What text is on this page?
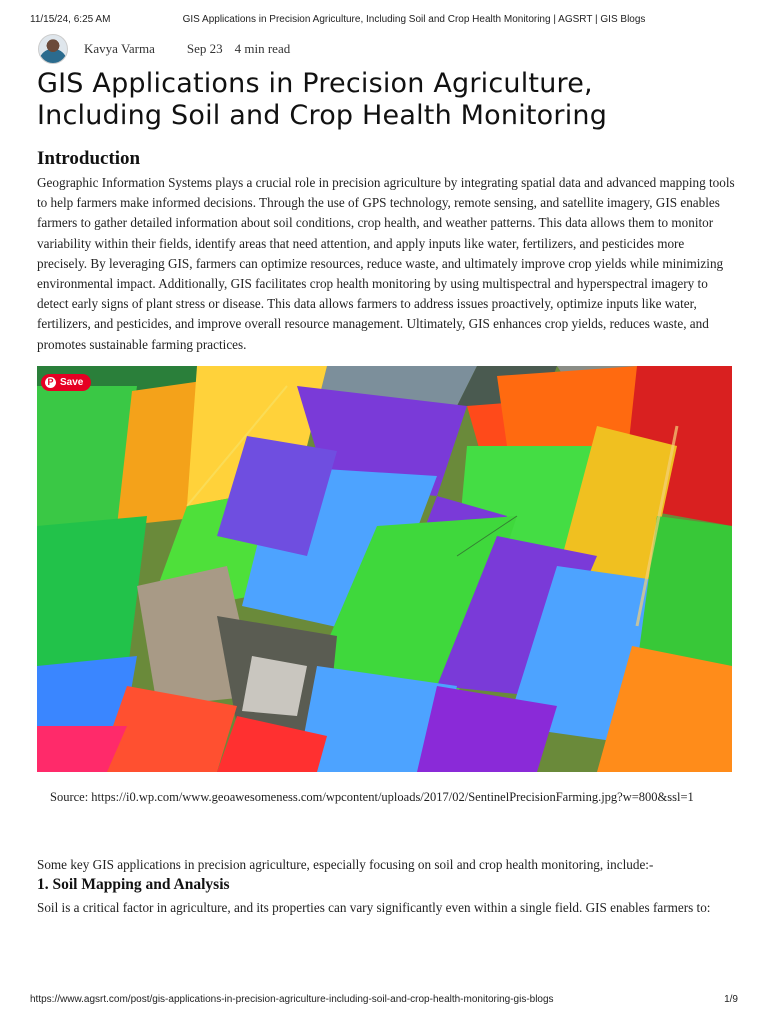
11/15/24, 6:25 AM	GIS Applications in Precision Agriculture, Including Soil and Crop Health Monitoring | AGSRT | GIS Blogs
Kavya Varma Sep 23 4 min read
GIS Applications in Precision Agriculture,
Including Soil and Crop Health Monitoring
Introduction

Geographic Information Systems plays a crucial role in precision agriculture by integrating spatial data and advanced mapping tools to help farmers make informed decisions. Through the use of GPS technology, remote sensing, and satellite imagery, GIS enables farmers to gather detailed information about soil conditions, crop health, and weather patterns. This data allows them to monitor variability within their fields, identify areas that need attention, and apply inputs like water, fertilizers, and pesticides more precisely. By leveraging GIS, farmers can optimize resources, reduce waste, and ultimately improve crop yields while minimizing environmental impact. Additionally, GIS facilitates crop health monitoring by using multispectral and hyperspectral imagery to detect early signs of plant stress or disease. This data allows farmers to address issues proactively, optimize inputs like water, fertilizers, and pesticides, and improve overall resource management. Ultimately, GIS enhances crop yields, reduces waste, and promotes sustainable farming practices.

P Save
Source: https://i0.wp.com/www.geoawesomeness.com/wpcontent/uploads/2017/02/SentinelPrecisionFarming.jpg?w=800&ssl=1
Some key GIS applications in precision agriculture, especially focusing on soil and crop health monitoring, include:-
1. Soil Mapping and Analysis

Soil is a critical factor in agriculture, and its properties can vary significantly even within a single field. GIS enables farmers to:

https://www.agsrt.com/post/gis-applications-in-precision-agriculture-including-soil-and-crop-health-monitoring-gis-blogs	1/9
